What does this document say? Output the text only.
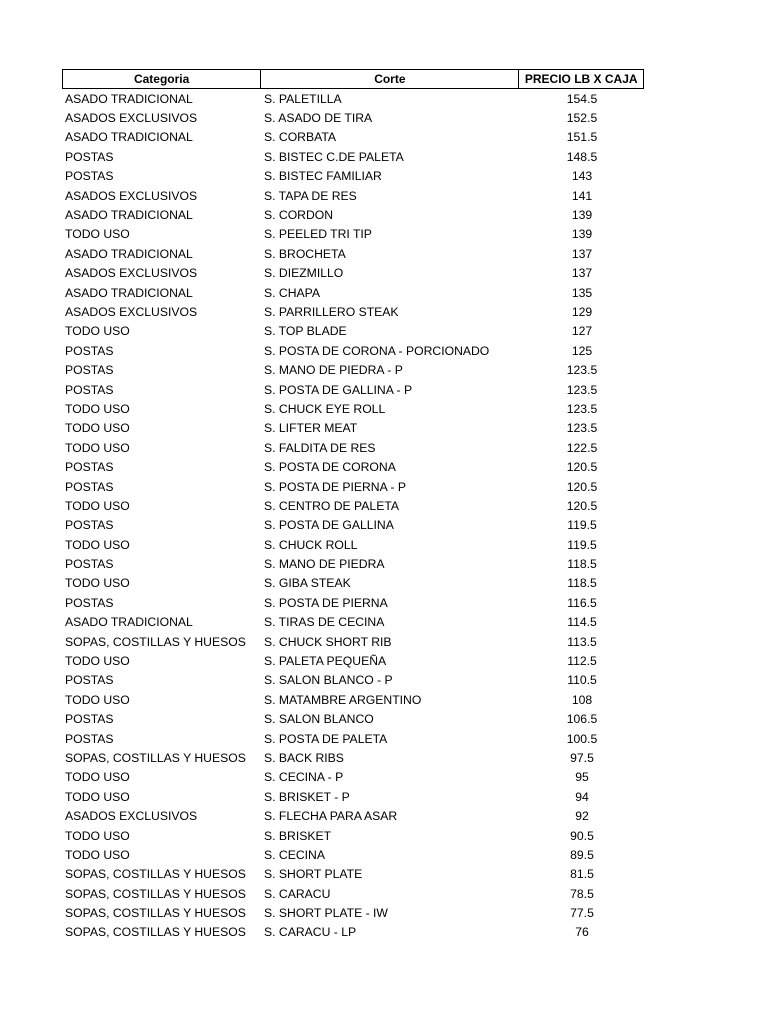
Categoria	Corte	PRECIO LB X CAJA
ASADO TRADICIONAL	S. PALETILLA	154.5
ASADOS EXCLUSIVOS	S. ASADO DE TIRA	152.5
ASADO TRADICIONAL	S. CORBATA	151.5
POSTAS	S. BISTEC C.DE PALETA	148.5
POSTAS	S. BISTEC FAMILIAR	143
ASADOS EXCLUSIVOS	S. TAPA DE RES	141
ASADO TRADICIONAL	S. CORDON	139
TODO USO	S. PEELED TRI TIP	139
ASADO TRADICIONAL	S. BROCHETA	137
ASADOS EXCLUSIVOS	S. DIEZMILLO	137
ASADO TRADICIONAL	S. CHAPA	135
ASADOS EXCLUSIVOS	S. PARRILLERO STEAK	129
TODO USO	S. TOP BLADE	127
POSTAS	S. POSTA DE CORONA - PORCIONADO	125
POSTAS	S. MANO DE PIEDRA - P	123.5
POSTAS	S. POSTA DE GALLINA - P	123.5
TODO USO	S. CHUCK EYE ROLL	123.5
TODO USO	S. LIFTER MEAT	123.5
TODO USO	S. FALDITA DE RES	122.5
POSTAS	S. POSTA DE CORONA	120.5
POSTAS	S. POSTA DE PIERNA - P	120.5
TODO USO	S. CENTRO DE PALETA	120.5
POSTAS	S. POSTA DE GALLINA	119.5
TODO USO	S. CHUCK ROLL	119.5
POSTAS	S. MANO DE PIEDRA	118.5
TODO USO	S. GIBA STEAK	118.5
POSTAS	S. POSTA DE PIERNA	116.5
ASADO TRADICIONAL	S. TIRAS DE CECINA	114.5
SOPAS, COSTILLAS Y HUESOS	S. CHUCK SHORT RIB	113.5
TODO USO	S. PALETA PEQUEÑA	112.5
POSTAS	S. SALON BLANCO - P	110.5
TODO USO	S. MATAMBRE ARGENTINO	108
POSTAS	S. SALON BLANCO	106.5
POSTAS	S. POSTA DE PALETA	100.5
SOPAS, COSTILLAS Y HUESOS	S. BACK RIBS	97.5
TODO USO	S. CECINA - P	95
TODO USO	S. BRISKET - P	94
ASADOS EXCLUSIVOS	S. FLECHA PARA ASAR	92
TODO USO	S. BRISKET	90.5
TODO USO	S. CECINA	89.5
SOPAS, COSTILLAS Y HUESOS	S. SHORT PLATE	81.5
SOPAS, COSTILLAS Y HUESOS	S. CARACU	78.5
SOPAS, COSTILLAS Y HUESOS	S. SHORT PLATE - IW	77.5
SOPAS, COSTILLAS Y HUESOS	S. CARACU - LP	76
